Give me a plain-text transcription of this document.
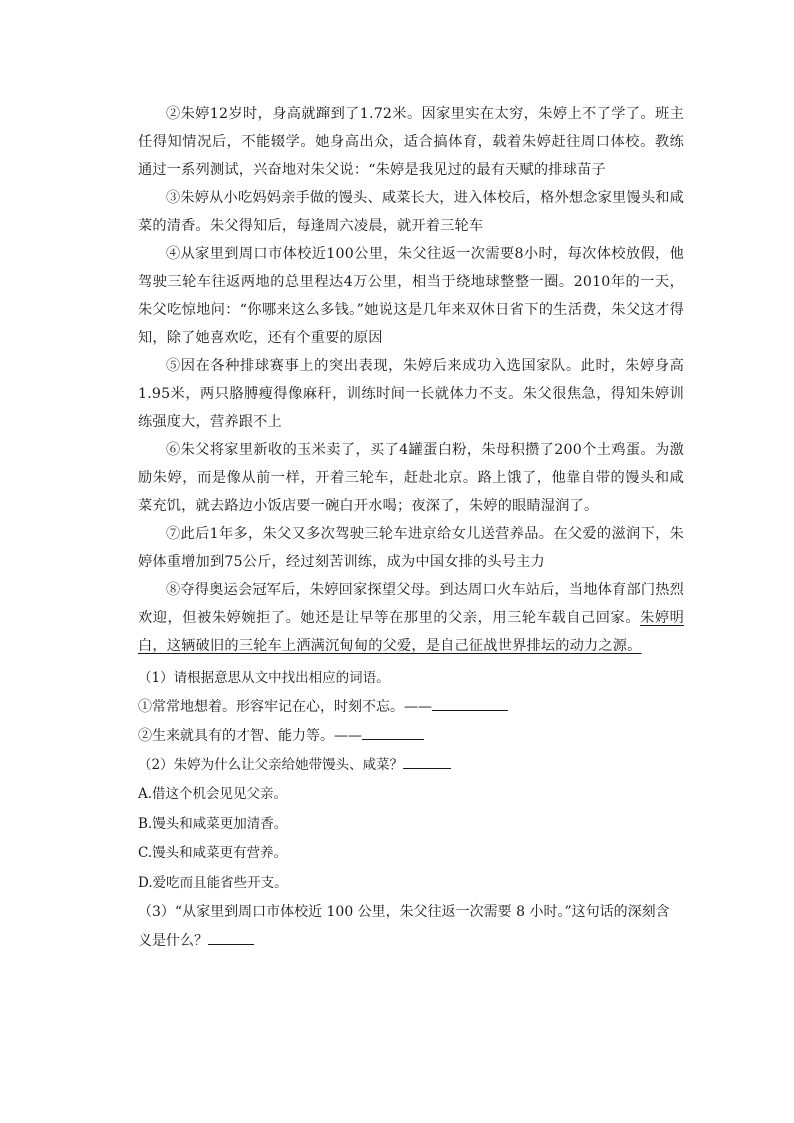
②朱婷12岁时，身高就蹿到了1.72米。因家里实在太穷，朱婷上不了学了。班主任得知情况后，不能辍学。她身高出众，适合搞体育，载着朱婷赶往周口体校。教练通过一系列测试，兴奋地对朱父说：“朱婷是我见过的最有天赋的排球苗子

③朱婷从小吃妈妈亲手做的馒头、咸菜长大，进入体校后，格外想念家里馒头和咸菜的清香。朱父得知后，每逢周六凌晨，就开着三轮车

④从家里到周口市体校近100公里，朱父往返一次需要8小时，每次体校放假，他驾驶三轮车往返两地的总里程达4万公里，相当于绕地球整整一圈。2010年的一天，朱父吃惊地问：“你哪来这么多钱。”她说这是几年来双休日省下的生活费，朱父这才得知，除了她喜欢吃，还有个重要的原因

⑤因在各种排球赛事上的突出表现，朱婷后来成功入选国家队。此时，朱婷身高1.95米，两只胳膊瘦得像麻秆，训练时间一长就体力不支。朱父很焦急，得知朱婷训练强度大，营养跟不上

⑥朱父将家里新收的玉米卖了，买了4罐蛋白粉，朱母积攒了200个土鸡蛋。为激励朱婷，而是像从前一样，开着三轮车，赶赴北京。路上饿了，他靠自带的馒头和咸菜充饥，就去路边小饭店要一碗白开水喝；夜深了，朱婷的眼睛湿润了。

⑦此后1年多，朱父又多次驾驶三轮车进京给女儿送营养品。在父爱的滋润下，朱婷体重增加到75公斤，经过刻苦训练，成为中国女排的头号主力

⑧夺得奥运会冠军后，朱婷回家探望父母。到达周口火车站后，当地体育部门热烈欢迎，但被朱婷婉拒了。她还是让早等在那里的父亲，用三轮车载自己回家。朱婷明白，这辆破旧的三轮车上洒满沉甸甸的父爱，是自己征战世界排坛的动力之源。

（1）请根据意思从文中找出相应的词语。

①常常地想着。形容牢记在心，时刻不忘。——

②生来就具有的才智、能力等。——

（2）朱婷为什么让父亲给她带馒头、咸菜？

A.借这个机会见见父亲。

B.馒头和咸菜更加清香。

C.馒头和咸菜更有营养。

D.爱吃而且能省些开支。

（3）“从家里到周口市体校近 100 公里，朱父往返一次需要 8 小时。”这句话的深刻含

义是什么？
